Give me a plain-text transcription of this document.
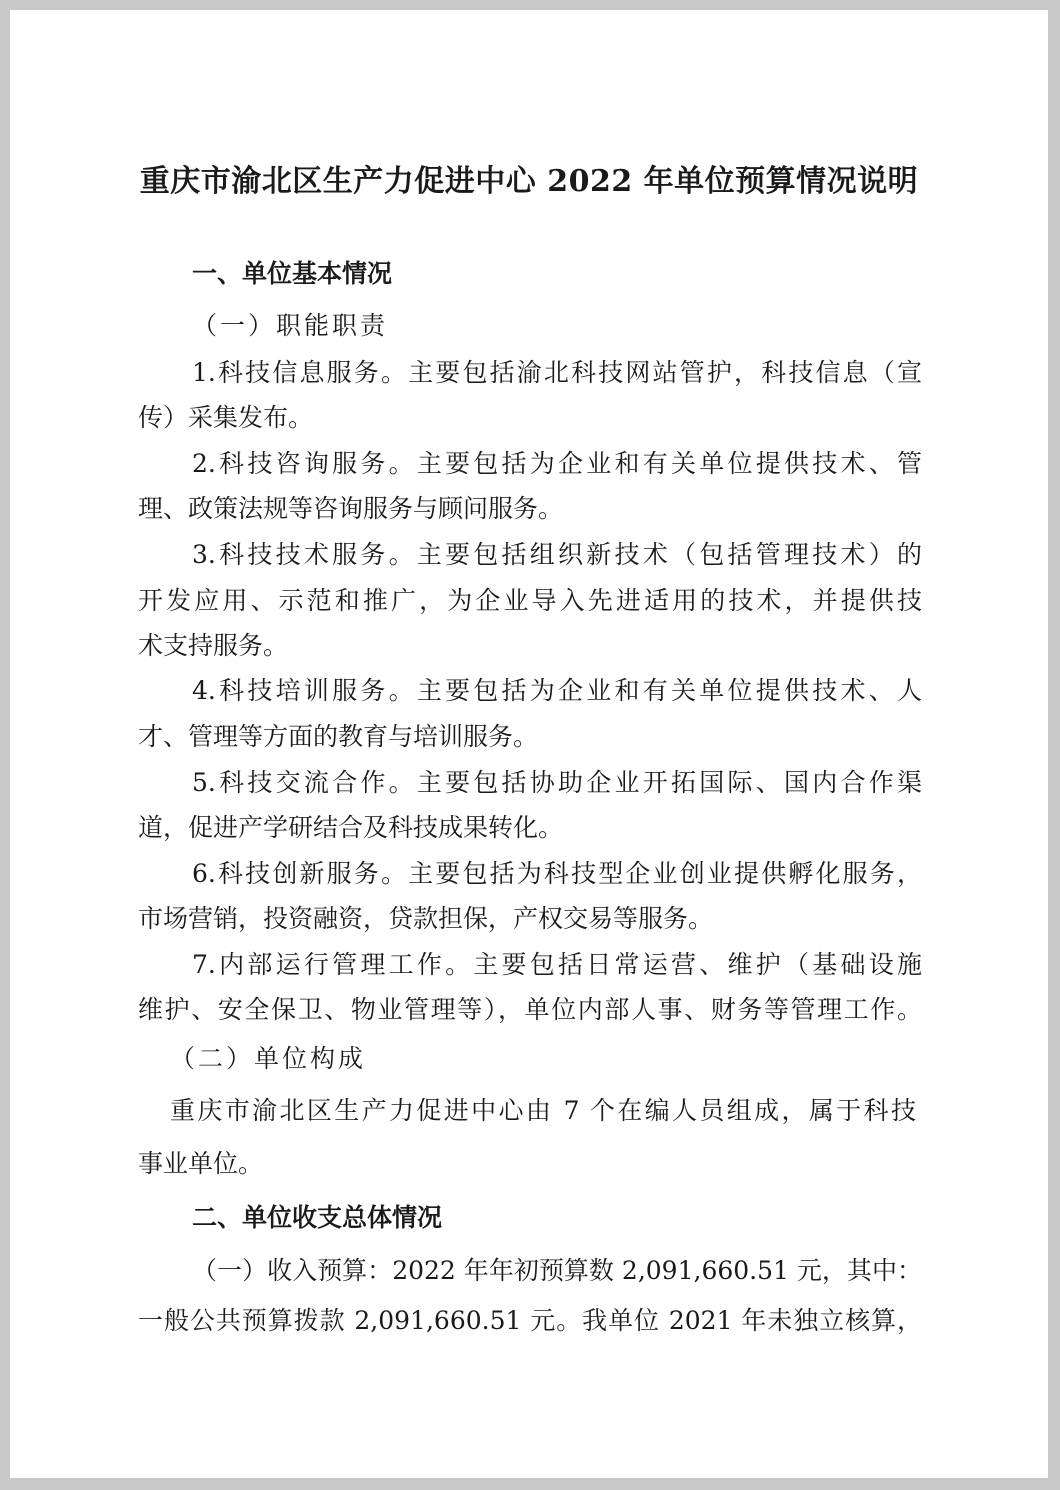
重庆市渝北区生产力促进中心 2022 年单位预算情况说明
一、单位基本情况
（一）职能职责
1.科技信息服务。主要包括渝北科技网站管护，科技信息（宣
传）采集发布。
2.科技咨询服务。主要包括为企业和有关单位提供技术、管
理、政策法规等咨询服务与顾问服务。
3.科技技术服务。主要包括组织新技术（包括管理技术）的
开发应用、示范和推广，为企业导入先进适用的技术，并提供技
术支持服务。
4.科技培训服务。主要包括为企业和有关单位提供技术、人
才、管理等方面的教育与培训服务。
5.科技交流合作。主要包括协助企业开拓国际、国内合作渠
道，促进产学研结合及科技成果转化。
6.科技创新服务。主要包括为科技型企业创业提供孵化服务，
市场营销，投资融资，贷款担保，产权交易等服务。
7.内部运行管理工作。主要包括日常运营、维护（基础设施
维护、安全保卫、物业管理等），单位内部人事、财务等管理工作。
（二）单位构成
重庆市渝北区生产力促进中心由 7 个在编人员组成，属于科技
事业单位。
二、单位收支总体情况
（一）收入预算：2022 年年初预算数 2,091,660.51 元，其中：
一般公共预算拨款 2,091,660.51 元。我单位 2021 年未独立核算，
